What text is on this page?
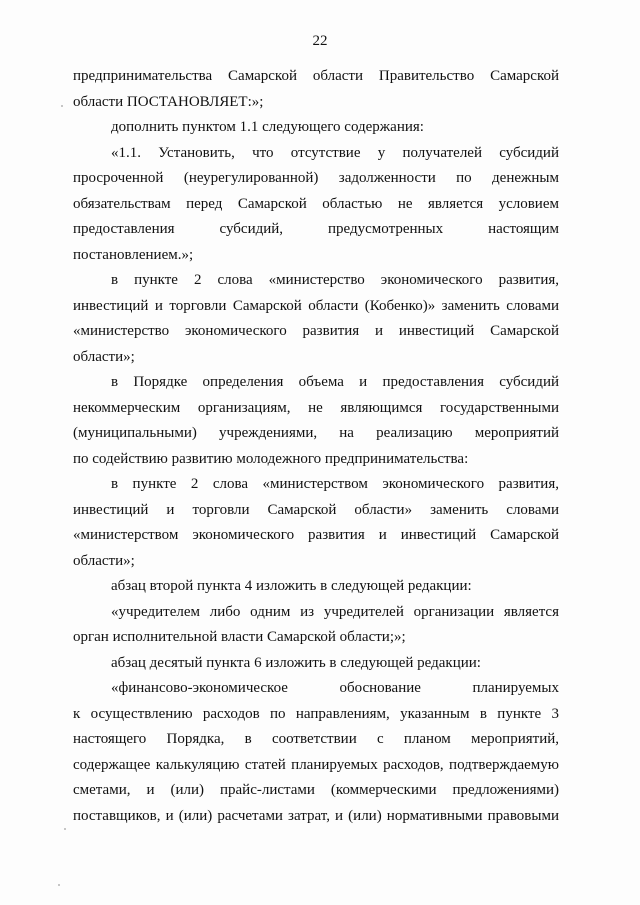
22
предпринимательства Самарской области Правительство Самарской
области ПОСТАНОВЛЯЕТ:»;
дополнить пунктом 1.1 следующего содержания:
«1.1. Установить, что отсутствие у получателей субсидий
просроченной (неурегулированной) задолженности по денежным
обязательствам перед Самарской областью не является условием
предоставления субсидий, предусмотренных настоящим
постановлением.»;
в пункте 2 слова «министерство экономического развития,
инвестиций и торговли Самарской области (Кобенко)» заменить словами
«министерство экономического развития и инвестиций Самарской
области»;
в Порядке определения объема и предоставления субсидий
некоммерческим организациям, не являющимся государственными
(муниципальными) учреждениями, на реализацию мероприятий
по содействию развитию молодежного предпринимательства:
в пункте 2 слова «министерством экономического развития,
инвестиций и торговли Самарской области» заменить словами
«министерством экономического развития и инвестиций Самарской
области»;
абзац второй пункта 4 изложить в следующей редакции:
«учредителем либо одним из учредителей организации является
орган исполнительной власти Самарской области;»;
абзац десятый пункта 6 изложить в следующей редакции:
«финансово-экономическое обоснование планируемых
к осуществлению расходов по направлениям, указанным в пункте 3
настоящего Порядка, в соответствии с планом мероприятий,
содержащее калькуляцию статей планируемых расходов, подтверждаемую
сметами, и (или) прайс-листами (коммерческими предложениями)
поставщиков, и (или) расчетами затрат, и (или) нормативными правовыми
